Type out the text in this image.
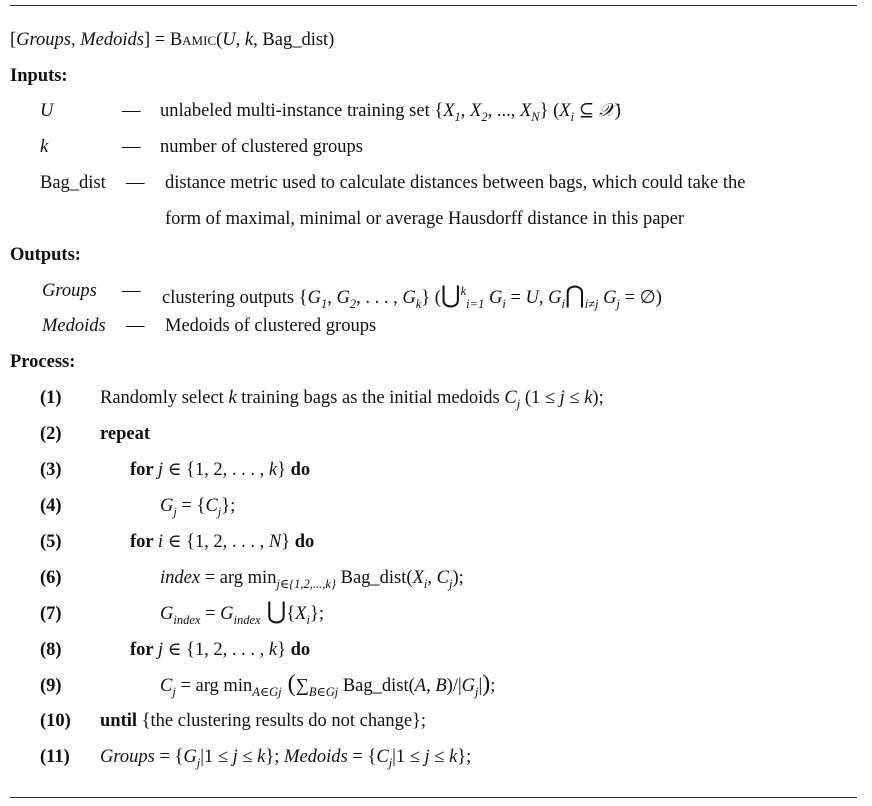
[Groups, Medoids] = Bamic(U, k, Bag_dist)
Inputs:
U	— unlabeled multi-instance training set {$X_1$, $X_2$, ..., $X_N$} ($X_i$ ⊆ 𝒳)
k	— number of clustered groups
Bag_dist — distance metric used to calculate distances between bags, which could take the
form of maximal, minimal or average Hausdorff distance in this paper
Outputs:
Groups — clustering outputs {$G_1$, $G_2$, . . . , $G_k$} (⋃$^k_{i=1}$ $G_i = U$, $G_i⋂_{i\ne j}$ $G_j$ = ∅)
Medoids — Medoids of clustered groups
Process:
(1) Randomly select k training bags as the initial medoids $C_j$ (1 ≤ j ≤ k);
(2) repeat
(3)	for j ∈ {1, 2, . . . , k} do
(4)	$G_j = \{C_j\}$;
(5)	for i ∈ {1, 2, . . . , N} do
(6)	index = arg $\min_{j\in\{1,2,...,k\}}$ $Bag\_dist(X_i$, $C_j$);
(7)	$G_{index} = G_{index}$ $⋃\{X_i\}$;
(8)	for j ∈ {1, 2, . . . , k} do
(9)	$C_j$ = arg $\min_{A\in Gj} (\sum_{B\in Gj}$ Bag_dist(A, $B)/|G_j|$);
(10) until {the clustering results do not change};
(11) Groups = $\{G_j|1 \le j \le k\}$; Medoids = $\{C_j|1 \le j \le k\}$;
